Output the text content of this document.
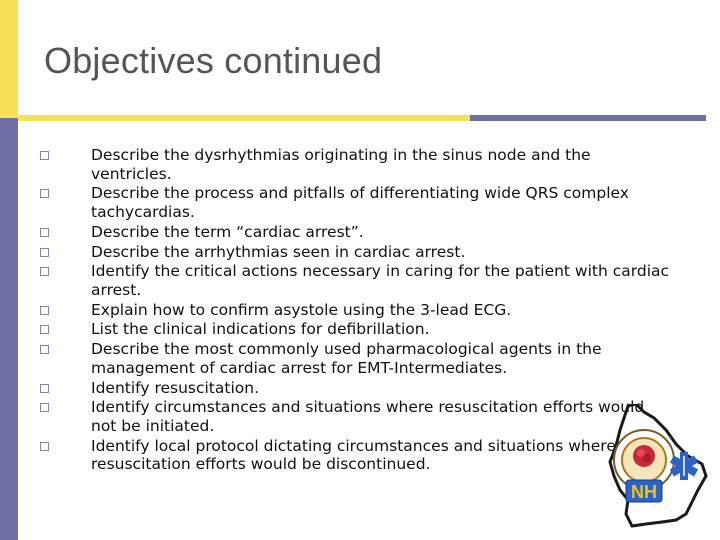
Objectives continued
Describe the dysrhythmias originating in the sinus node and the ventricles.
Describe the process and pitfalls of differentiating wide QRS complex tachycardias.
Describe the term “cardiac arrest”.
Describe the arrhythmias seen in cardiac arrest.
Identify the critical actions necessary in caring for the patient with cardiac arrest.
Explain how to confirm asystole using the 3-lead ECG.
List the clinical indications for defibrillation.
Describe the most commonly used pharmacological agents in the management of cardiac arrest for EMT-Intermediates.
Identify resuscitation.
Identify circumstances and situations where resuscitation efforts would not be initiated.
Identify local protocol dictating circumstances and situations where resuscitation efforts would be discontinued.
NH
